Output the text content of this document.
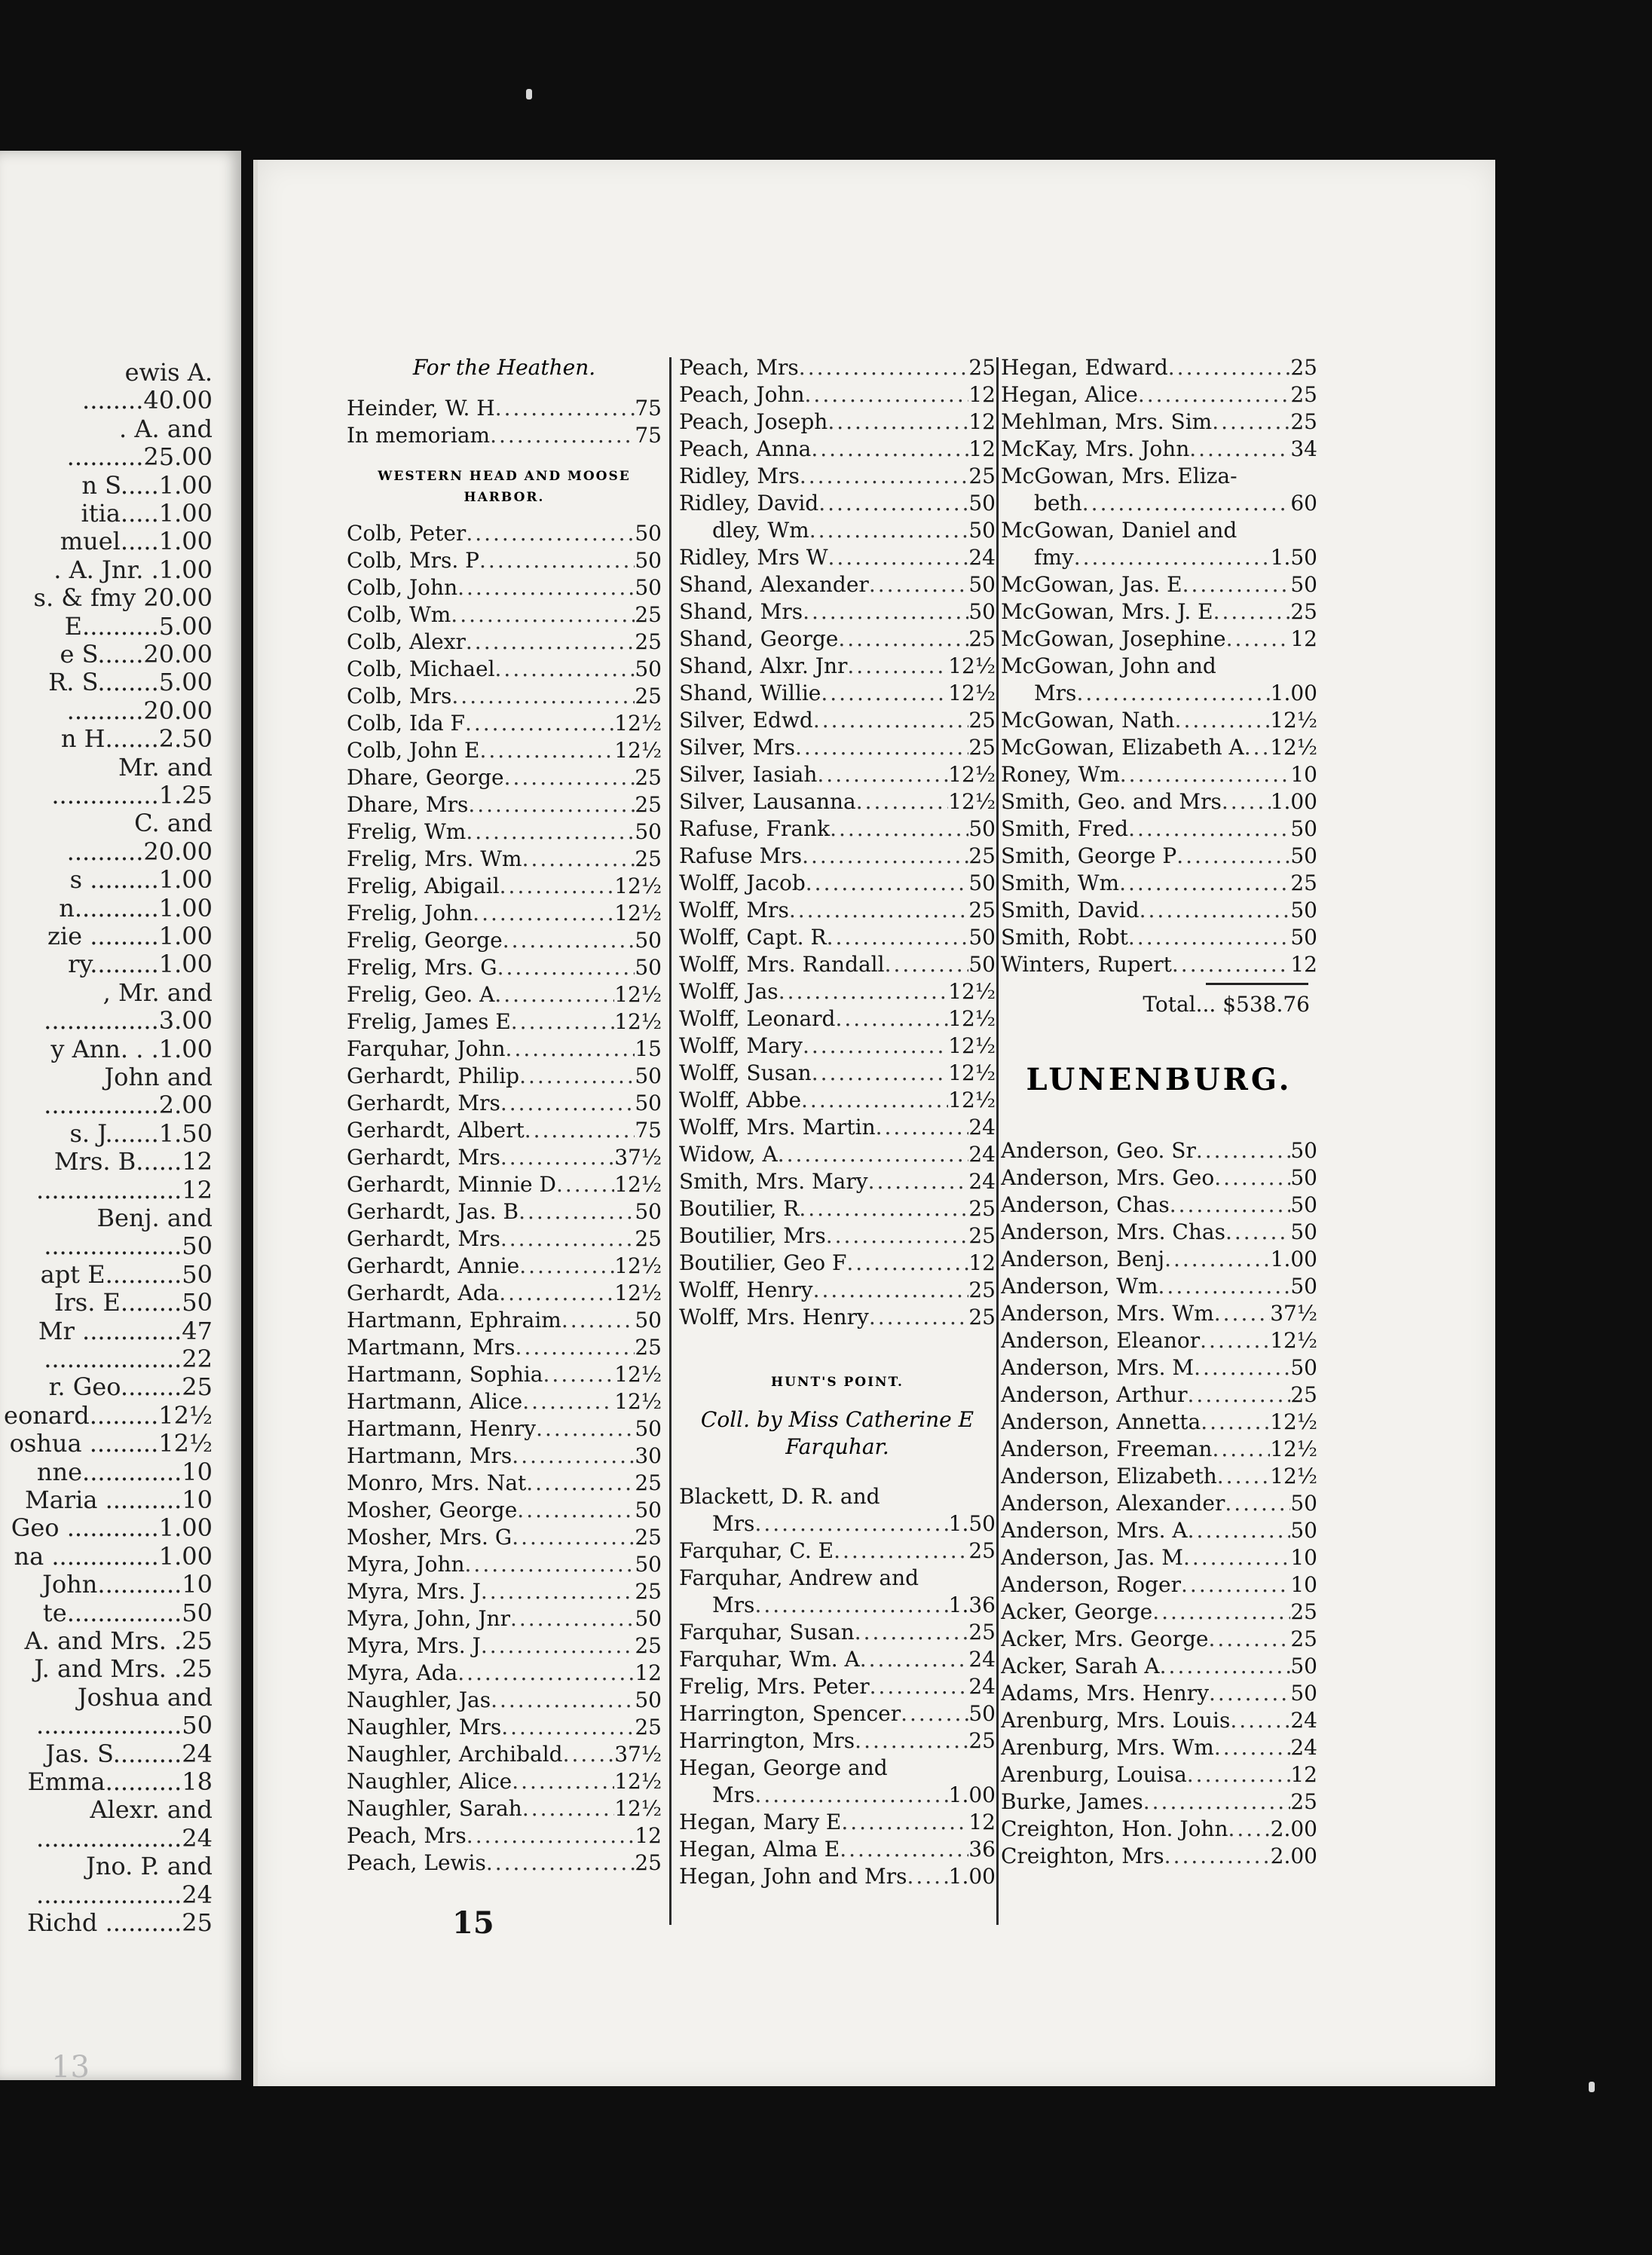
ewis A.
........40.00
. A. and
..........25.00
n S.....1.00
itia.....1.00
muel.....1.00
. A. Jnr. .1.00
s. & fmy 20.00
E..........5.00
e S......20.00
R. S........5.00
..........20.00
n H.......2.50
Mr. and
..............1.25
C. and
..........20.00
s .........1.00
n...........1.00
zie .........1.00
ry.........1.00
, Mr. and
...............3.00
y Ann. . .1.00
John and
...............2.00
s. J.......1.50
Mrs. B......12
...................12
Benj. and
..................50
apt E..........50
Irs. E........50
Mr .............47
..................22
r. Geo........25
eonard.........12½
oshua .........12½
nne.............10
Maria ..........10
Geo ............1.00
na ..............1.00
John...........10
te...............50
A. and Mrs. .25
J. and Mrs. .25
Joshua and
...................50
Jas. S.........24
Emma..........18
Alexr. and
...................24
Jno. P. and
...................24
Richd ..........25
13
For the Heathen.
Heinder, W. H .....	75
In memoriam .....	75
WESTERN HEAD AND MOOSE
HARBOR.
Colb, Peter .....	50
Colb, Mrs. P .....	50
Colb, John .....	50
Colb, Wm .....	25
Colb, Alexr .....	25
Colb, Michael .....	50
Colb, Mrs .....	25
Colb, Ida F .....	12½
Colb, John E .....	12½
Dhare, George .....	25
Dhare, Mrs .....	25
Frelig, Wm .....	50
Frelig, Mrs. Wm .....	25
Frelig, Abigail .....	12½
Frelig, John .....	12½
Frelig, George .....	50
Frelig, Mrs. G .....	50
Frelig, Geo. A .....	12½
Frelig, James E .....	12½
Farquhar, John .....	15
Gerhardt, Philip .....	50
Gerhardt, Mrs .....	50
Gerhardt, Albert .....	75
Gerhardt, Mrs .....	37½
Gerhardt, Minnie D .....	12½
Gerhardt, Jas. B .....	50
Gerhardt, Mrs .....	25
Gerhardt, Annie .....	12½
Gerhardt, Ada .....	12½
Hartmann, Ephraim .....	50
Martmann, Mrs .....	25
Hartmann, Sophia .....	12½
Hartmann, Alice .....	12½
Hartmann, Henry .....	50
Hartmann, Mrs .....	30
Monro, Mrs. Nat .....	25
Mosher, George .....	50
Mosher, Mrs. G .....	25
Myra, John .....	50
Myra, Mrs. J .....	25
Myra, John, Jnr .....	50
Myra, Mrs. J .....	25
Myra, Ada .....	12
Naughler, Jas .....	50
Naughler, Mrs .....	25
Naughler, Archibald ..... 37½
Naughler, Alice .....	12½
Naughler, Sarah .....	12½
Peach, Mrs .....	12
Peach, Lewis .....	25
Peach, Mrs .....	25
Peach, John .....	12
Peach, Joseph .....	12
Peach, Anna .....	12
Ridley, Mrs .....	25
Ridley, David .....	50
dley, Wm .....	50
Ridley, Mrs W .....	24
Shand, Alexander .....	50
Shand, Mrs .....	50
Shand, George .....	25
Shand, Alxr. Jnr .....	12½
Shand, Willie .....	12½
Silver, Edwd .....	25
Silver, Mrs .....	25
Silver, Iasiah .....	12½
Silver, Lausanna .....	12½
Rafuse, Frank .....	50
Rafuse Mrs .....	25
Wolff, Jacob .....	50
Wolff, Mrs .....	25
Wolff, Capt. R .....	50
Wolff, Mrs. Randall .....	50
Wolff, Jas .....	12½
Wolff, Leonard .....	12½
Wolff, Mary .....	12½
Wolff, Susan .....	12½
Wolff, Abbe .....	12½
Wolff, Mrs. Martin .....	24
Widow, A .....	24
Smith, Mrs. Mary .....	24
Boutilier, R .....	25
Boutilier, Mrs .....	25
Boutilier, Geo F .....	12
Wolff, Henry .....	25
Wolff, Mrs. Henry .....	25
HUNT'S POINT.
Coll. by Miss Catherine E
Farquhar.
Blackett, D. R. and
Mrs .....	1.50
Farquhar, C. E .....	25
Farquhar, Andrew and
Mrs .....	1.36
Farquhar, Susan .....	25
Farquhar, Wm. A .....	24
Frelig, Mrs. Peter .....	24
Harrington, Spencer .....	50
Harrington, Mrs .....	25
Hegan, George and
Mrs .....	1.00
Hegan, Mary E .....	12
Hegan, Alma E .....	36
Hegan, John and Mrs ..... 1.00
Hegan, Edward .....	25
Hegan, Alice .....	25
Mehlman, Mrs. Sim .....	25
McKay, Mrs. John .....	34
McGowan, Mrs. Eliza-
beth .....	60
McGowan, Daniel and
fmy .....	1.50
McGowan, Jas. E .....	50
McGowan, Mrs. J. E .....	25
McGowan, Josephine .....	12
McGowan, John and
Mrs .....	1.00
McGowan, Nath .....	12½
McGowan, Elizabeth A ..... 12½
Roney, Wm .....	10
Smith, Geo. and Mrs ..... 1.00
Smith, Fred .....	50
Smith, George P .....	50
Smith, Wm .....	25
Smith, David .....	50
Smith, Robt .....	50
Winters, Rupert .....	12
Total... $538.76
LUNENBURG.
Anderson, Geo. Sr .....	50
Anderson, Mrs. Geo .....	50
Anderson, Chas .....	50
Anderson, Mrs. Chas .....	50
Anderson, Benj .....	1.00
Anderson, Wm .....	50
Anderson, Mrs. Wm .....	37½
Anderson, Eleanor .....	12½
Anderson, Mrs. M .....	50
Anderson, Arthur .....	25
Anderson, Annetta .....	12½
Anderson, Freeman .....	12½
Anderson, Elizabeth .....	12½
Anderson, Alexander .....	50
Anderson, Mrs. A .....	50
Anderson, Jas. M .....	10
Anderson, Roger .....	10
Acker, George .....	25
Acker, Mrs. George .....	25
Acker, Sarah A .....	50
Adams, Mrs. Henry .....	50
Arenburg, Mrs. Louis .....	24
Arenburg, Mrs. Wm .....	24
Arenburg, Louisa .....	12
Burke, James .....	25
Creighton, Hon. John ..... 2.00
Creighton, Mrs .....	2.00
15
